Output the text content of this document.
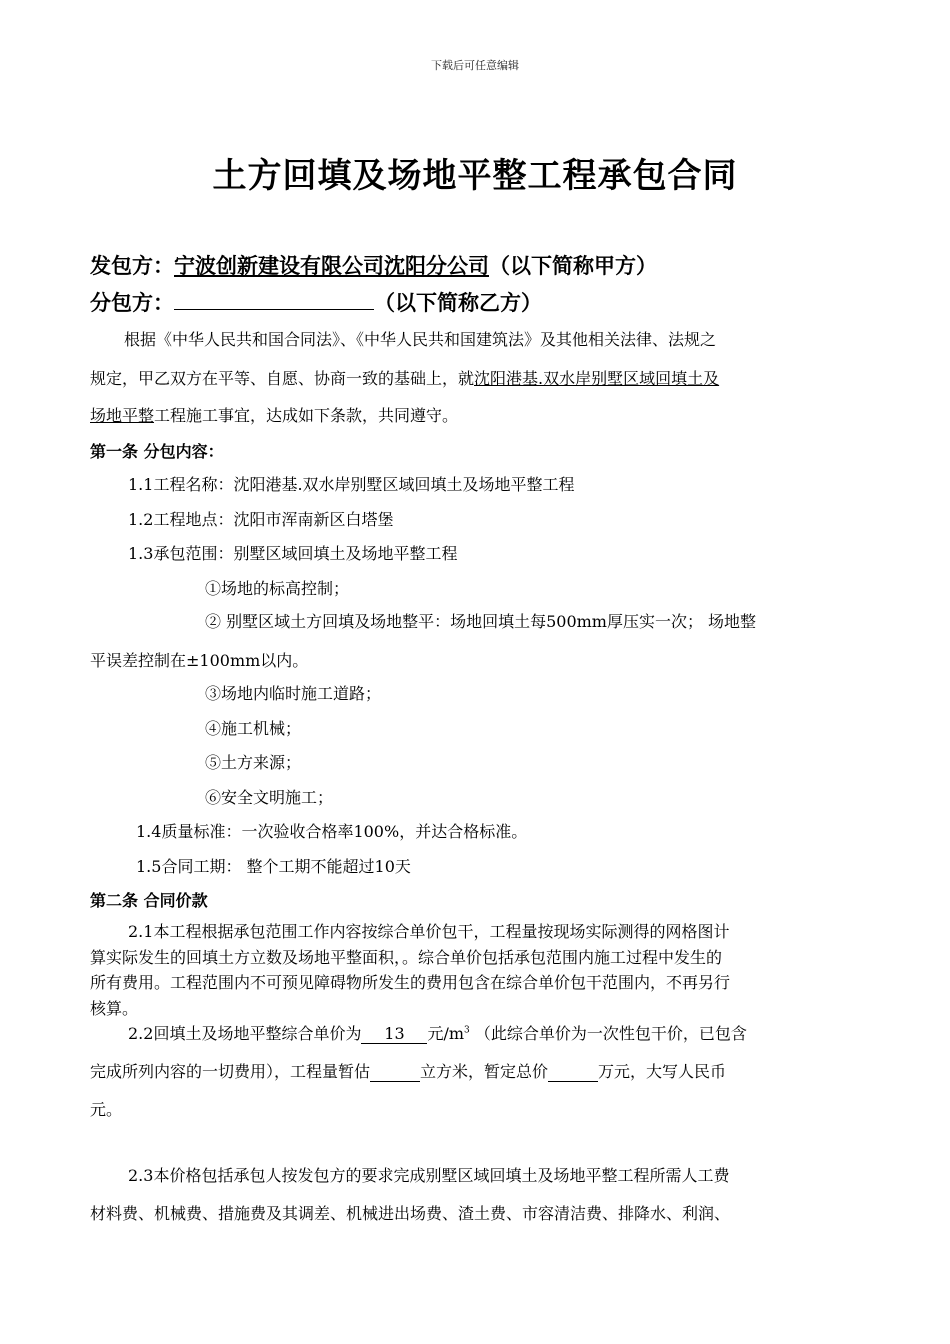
下载后可任意编辑
土方回填及场地平整工程承包合同
发包方：宁波创新建设有限公司沈阳分公司（以下简称甲方）
分包方：	（以下简称乙方）
根据《中华人民共和国合同法》、《中华人民共和国建筑法》及其他相关法律、法规之
规定，甲乙双方在平等、自愿、协商一致的基础上，就沈阳港基.双水岸别墅区域回填土及
场地平整工程施工事宜，达成如下条款，共同遵守。
第一条 分包内容：
1.1工程名称：沈阳港基.双水岸别墅区域回填土及场地平整工程
1.2工程地点：沈阳市浑南新区白塔堡
1.3承包范围：别墅区域回填土及场地平整工程
①场地的标高控制；
② 别墅区域土方回填及场地整平：场地回填土每500mm厚压实一次； 场地整
平误差控制在±100mm以内。
③场地内临时施工道路；
④施工机械；
⑤土方来源；
⑥安全文明施工；
1.4质量标准：一次验收合格率100%，并达合格标准。
1.5合同工期： 整个工期不能超过10天
第二条 合同价款
2.1本工程根据承包范围工作内容按综合单价包干，工程量按现场实际测得的网格图计
算实际发生的回填土方立数及场地平整面积，。综合单价包括承包范围内施工过程中发生的
所有费用。工程范围内不可预见障碍物所发生的费用包含在综合单价包干范围内，不再另行
核算。
2.2回填土及场地平整综合单价为 13 元$/m^3$ （此综合单价为一次性包干价，已包含
完成所列内容的一切费用），工程量暂估	立方米，暂定总价	万元，大写人民币
元。
2.3本价格包括承包人按发包方的要求完成别墅区域回填土及场地平整工程所需人工费
材料费、机械费、措施费及其调差、机械进出场费、渣土费、市容清洁费、排降水、利润、
